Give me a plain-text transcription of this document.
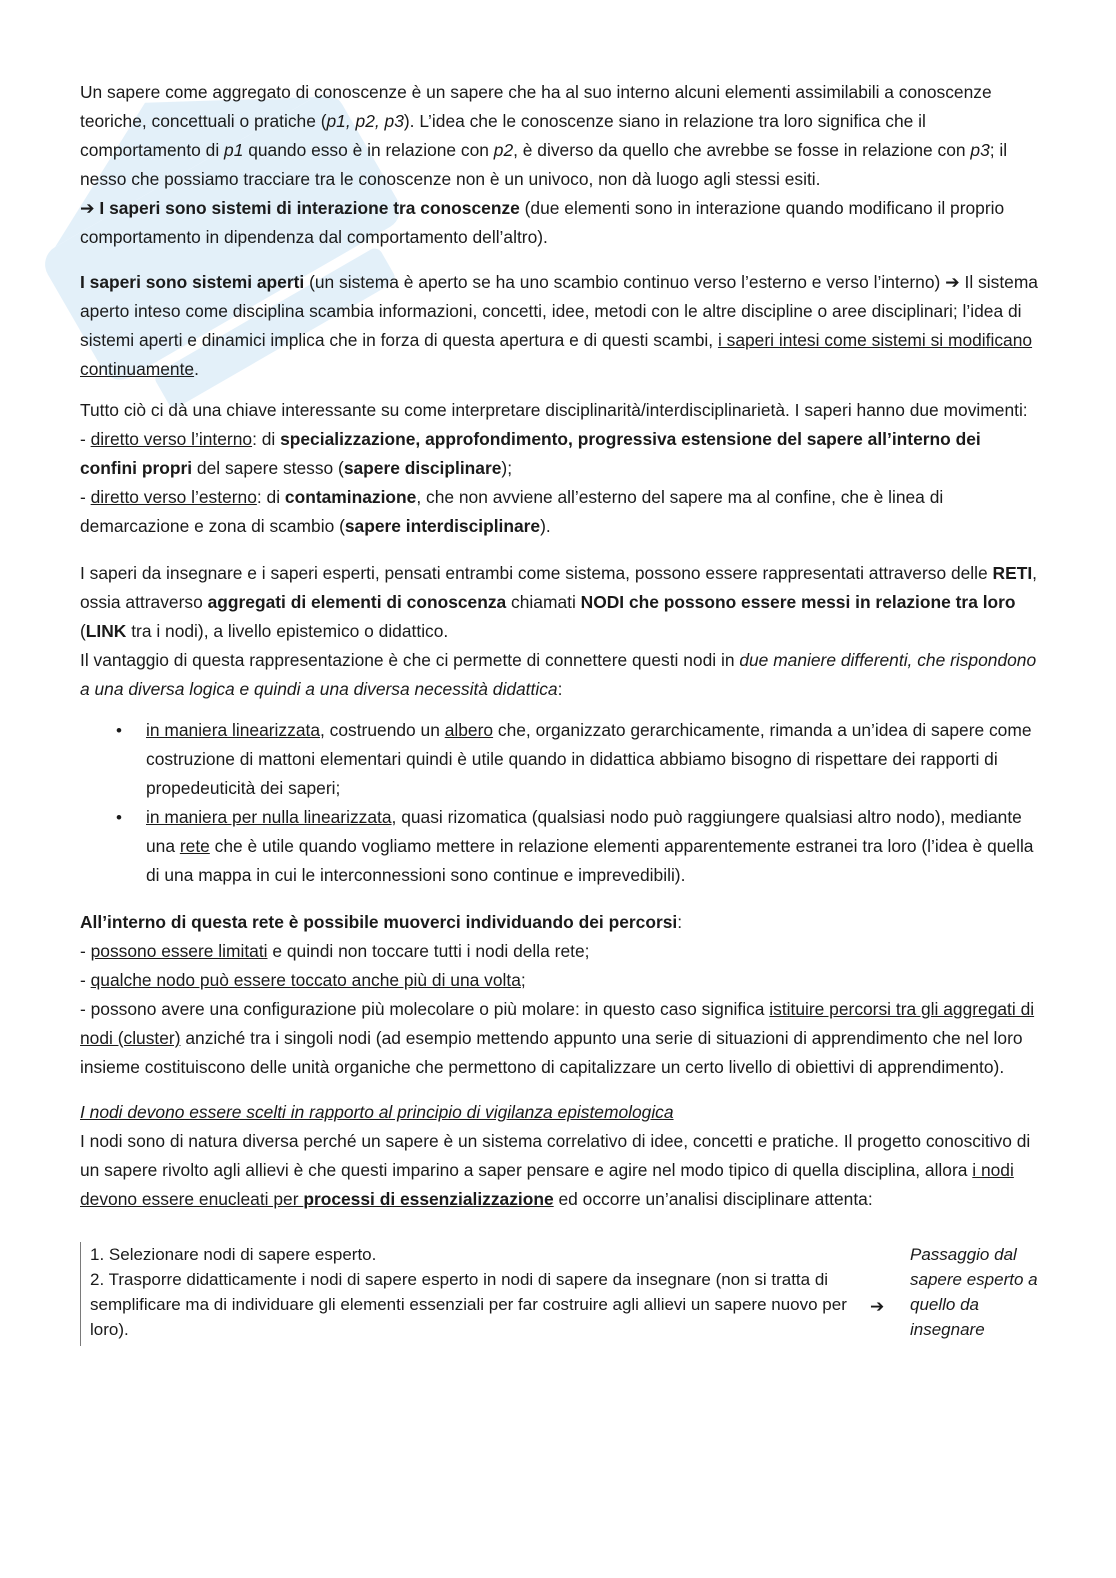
Un sapere come aggregato di conoscenze è un sapere che ha al suo interno alcuni elementi assimilabili a conoscenze teoriche, concettuali o pratiche (p1, p2, p3). L’idea che le conoscenze siano in relazione tra loro significa che il comportamento di p1 quando esso è in relazione con p2, è diverso da quello che avrebbe se fosse in relazione con p3; il nesso che possiamo tracciare tra le conoscenze non è un univoco, non dà luogo agli stessi esiti.
➔ I saperi sono sistemi di interazione tra conoscenze (due elementi sono in interazione quando modificano il proprio comportamento in dipendenza dal comportamento dell’altro).

I saperi sono sistemi aperti (un sistema è aperto se ha uno scambio continuo verso l’esterno e verso l’interno) ➔ Il sistema aperto inteso come disciplina scambia informazioni, concetti, idee, metodi con le altre discipline o aree disciplinari; l’idea di sistemi aperti e dinamici implica che in forza di questa apertura e di questi scambi, i saperi intesi come sistemi si modificano continuamente.

Tutto ciò ci dà una chiave interessante su come interpretare disciplinarità/interdisciplinarietà. I saperi hanno due movimenti:
- diretto verso l’interno: di specializzazione, approfondimento, progressiva estensione del sapere all’interno dei confini propri del sapere stesso (sapere disciplinare);
- diretto verso l’esterno: di contaminazione, che non avviene all’esterno del sapere ma al confine, che è linea di demarcazione e zona di scambio (sapere interdisciplinare).

I saperi da insegnare e i saperi esperti, pensati entrambi come sistema, possono essere rappresentati attraverso delle RETI, ossia attraverso aggregati di elementi di conoscenza chiamati NODI che possono essere messi in relazione tra loro (LINK tra i nodi), a livello epistemico o didattico.
Il vantaggio di questa rappresentazione è che ci permette di connettere questi nodi in due maniere differenti, che rispondono a una diversa logica e quindi a una diversa necessità didattica:

• in maniera linearizzata, costruendo un albero che, organizzato gerarchicamente, rimanda a un’idea di sapere come costruzione di mattoni elementari quindi è utile quando in didattica abbiamo bisogno di rispettare dei rapporti di propedeuticità dei saperi;
• in maniera per nulla linearizzata, quasi rizomatica (qualsiasi nodo può raggiungere qualsiasi altro nodo), mediante una rete che è utile quando vogliamo mettere in relazione elementi apparentemente estranei tra loro (l’idea è quella di una mappa in cui le interconnessioni sono continue e imprevedibili).

All’interno di questa rete è possibile muoverci individuando dei percorsi:
- possono essere limitati e quindi non toccare tutti i nodi della rete;
- qualche nodo può essere toccato anche più di una volta;
- possono avere una configurazione più molecolare o più molare: in questo caso significa istituire percorsi tra gli aggregati di nodi (cluster) anziché tra i singoli nodi (ad esempio mettendo appunto una serie di situazioni di apprendimento che nel loro insieme costituiscono delle unità organiche che permettono di capitalizzare un certo livello di obiettivi di apprendimento).

I nodi devono essere scelti in rapporto al principio di vigilanza epistemologica
I nodi sono di natura diversa perché un sapere è un sistema correlativo di idee, concetti e pratiche. Il progetto conoscitivo di un sapere rivolto agli allievi è che questi imparino a saper pensare e agire nel modo tipico di quella disciplina, allora i nodi devono essere enucleati per processi di essenzializzazione ed occorre un’analisi disciplinare attenta:

1. Selezionare nodi di sapere esperto.
2. Trasporre didatticamente i nodi di sapere esperto in nodi di sapere da insegnare (non si tratta di semplificare ma di individuare gli elementi essenziali per far costruire agli allievi un sapere nuovo per loro).
➔
Passaggio dal sapere esperto a quello da insegnare
